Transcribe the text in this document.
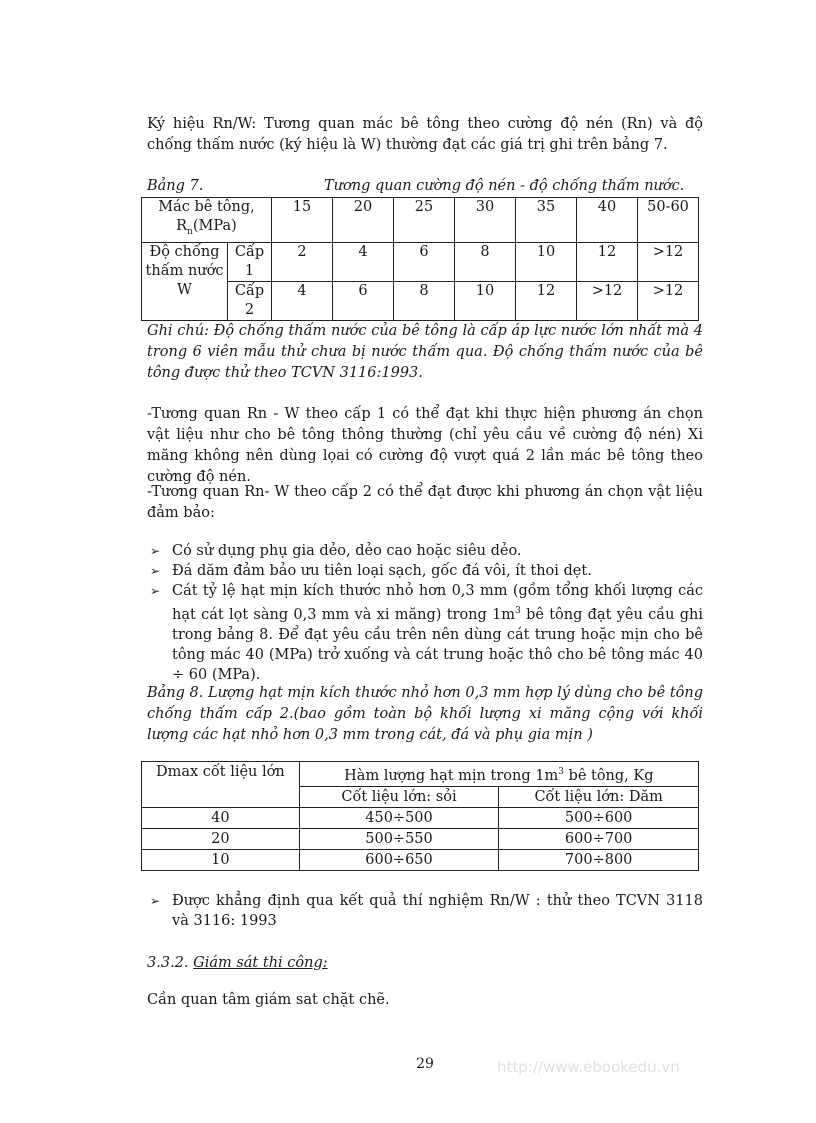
Ký hiệu Rn/W: Tương quan mác bê tông theo cường độ nén (Rn) và độ chống thấm nước (ký hiệu là W) thường đạt các giá trị ghi trên bảng 7.

Bảng 7.	Tương quan cường độ nén - độ chống thấm nước.
Mác bê tông,
$R_n(MPa)$		15	20	25	30	35	40	50-60
Độ chống thấm nước W	Cấp 1	2	4	6	8	10	12	>12
	Cấp 2	4	6	8	10	12	>12	>12

Ghi chú: Độ chống thấm nước của bê tông là cấp áp lực nước lớn nhất mà 4 trong 6 viên mẫu thử chưa bị nước thấm qua. Độ chống thấm nước của bê tông được thử theo TCVN 3116:1993.

-Tương quan Rn - W theo cấp 1 có thể đạt khi thực hiện phương án chọn vật liệu như cho bê tông thông thường (chỉ yêu cầu về cường độ nén) Xi măng không nên dùng lọai có cường độ vượt quá 2 lần mác bê tông theo cường độ nén.

-Tương quan Rn- W theo cấp 2 có thể đạt được khi phương án chọn vật liệu đảm bảo:

➢ Có sử dụng phụ gia dẻo, dẻo cao hoặc siêu dẻo.
➢ Đá dăm đảm bảo ưu tiên loại sạch, gốc đá vôi, ít thoi dẹt.
➢ Cát tỷ lệ hạt mịn kích thước nhỏ hơn 0,3 mm (gồm tổng khối lượng các hạt cát lọt sàng 0,3 mm và xi măng) trong $1m^3$ bê tông đạt yêu cầu ghi trong bảng 8. Để đạt yêu cầu trên nên dùng cát trung hoặc mịn cho bê tông mác 40 (MPa) trở xuống và cát trung hoặc thô cho bê tông mác 40 ÷ 60 (MPa).

Bảng 8. Lượng hạt mịn kích thước nhỏ hơn 0,3 mm hợp lý dùng cho bê tông chống thấm cấp 2.(bao gồm toàn bộ khối lượng xi măng cộng với khối lượng các hạt nhỏ hơn 0,3 mm trong cát, đá và phụ gia mịn )

Dmax cốt liệu lớn	Hàm lượng hạt mịn trong $1m^3$ bê tông, Kg	
	Cốt liệu lớn: sỏi	Cốt liệu lớn: Dăm
40	450÷500	500÷600
20	500÷550	600÷700
10	600÷650	700÷800
➢ Được khẳng định qua kết quả thí nghiệm Rn/W : thử theo TCVN 3118 và 3116: 1993
3.3.2. Giám sát thi công:

Cần quan tâm giám sat chặt chẽ.

29	http://www.ebookedu.vn
